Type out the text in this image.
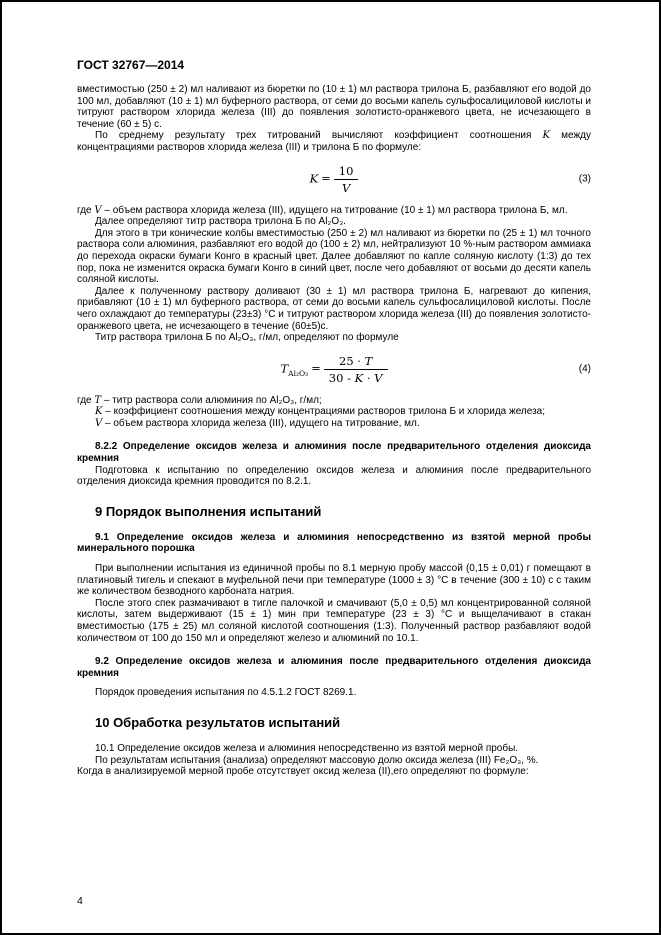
ГОСТ 32767—2014

вместимостью (250 ± 2) мл наливают из бюретки по (10 ± 1) мл раствора трилона Б, разбавляют его водой до 100 мл, добавляют (10 ± 1) мл буферного раствора, от семи до восьми капель сульфосалициловой кислоты и титруют раствором хлорида железа (III) до появления золотисто-оранжевого цвета, не исчезающего в течение (60 ± 5) с.

По среднему результату трех титрований вычисляют коэффициент соотношения K между концентрациями растворов хлорида железа (III) и трилона Б по формуле:

$K = \frac{10}{V}$	(3)

где V – объем раствора хлорида железа (III), идущего на титрование (10 ± 1) мл раствора трилона Б, мл.

Далее определяют титр раствора трилона Б по Al₂O₃.

Для этого в три конические колбы вместимостью (250 ± 2) мл наливают из бюретки по (25 ± 1) мл точного раствора соли алюминия, разбавляют его водой до (100 ± 2) мл, нейтрализуют 10 %-ным раствором аммиака до перехода окраски бумаги Конго в красный цвет. Далее добавляют по капле соляную кислоту (1:3) до тех пор, пока не изменится окраска бумаги Конго в синий цвет, после чего добавляют от восьми до десяти капель соляной кислоты.

Далее к полученному раствору доливают (30 ± 1) мл раствора трилона Б, нагревают до кипения, прибавляют (10 ± 1) мл буферного раствора, от семи до восьми капель сульфосалициловой кислоты. После чего охлаждают до температуры (23±3) °С и титруют раствором хлорида железа (III) до появления золотисто-оранжевого цвета, не исчезающего в течение (60±5)с.

Титр раствора трилона Б по Al₂O₃, г/мл, определяют по формуле

$T_{Al_2O_3} = \frac{25 \cdot T}{30 - K \cdot V}$	(4)

где T – титр раствора соли алюминия по Al₂O₃, г/мл;

K – коэффициент соотношения между концентрациями растворов трилона Б и хлорида железа;

V – объем раствора хлорида железа (III), идущего на титрование, мл.

8.2.2 Определение оксидов железа и алюминия после предварительного отделения диоксида кремния

Подготовка к испытанию по определению оксидов железа и алюминия после предварительного отделения диоксида кремния проводится по 8.2.1.

9 Порядок выполнения испытаний

9.1 Определение оксидов железа и алюминия непосредственно из взятой мерной пробы минерального порошка

При выполнении испытания из единичной пробы по 8.1 мерную пробу массой (0,15 ± 0,01) г помещают в платиновый тигель и спекают в муфельной печи при температуре (1000 ± 3) °С в течение (300 ± 10) с с таким же количеством безводного карбоната натрия.

После этого спек размачивают в тигле палочкой и смачивают (5,0 ± 0,5) мл концентрированной соляной кислоты, затем выдерживают (15 ± 1) мин при температуре (23 ± 3) °С и выщелачивают в стакан вместимостью (175 ± 25) мл соляной кислотой соотношения (1:3). Полученный раствор разбавляют водой количеством от 100 до 150 мл и определяют железо и алюминий по 10.1.

9.2 Определение оксидов железа и алюминия после предварительного отделения диоксида кремния

Порядок проведения испытания по 4.5.1.2 ГОСТ 8269.1.

10 Обработка результатов испытаний

10.1 Определение оксидов железа и алюминия непосредственно из взятой мерной пробы.

По результатам испытания (анализа) определяют массовую долю оксида железа (III) Fe₂O₃, %.

Когда в анализируемой мерной пробе отсутствует оксид железа (II),его определяют по формуле:

4
